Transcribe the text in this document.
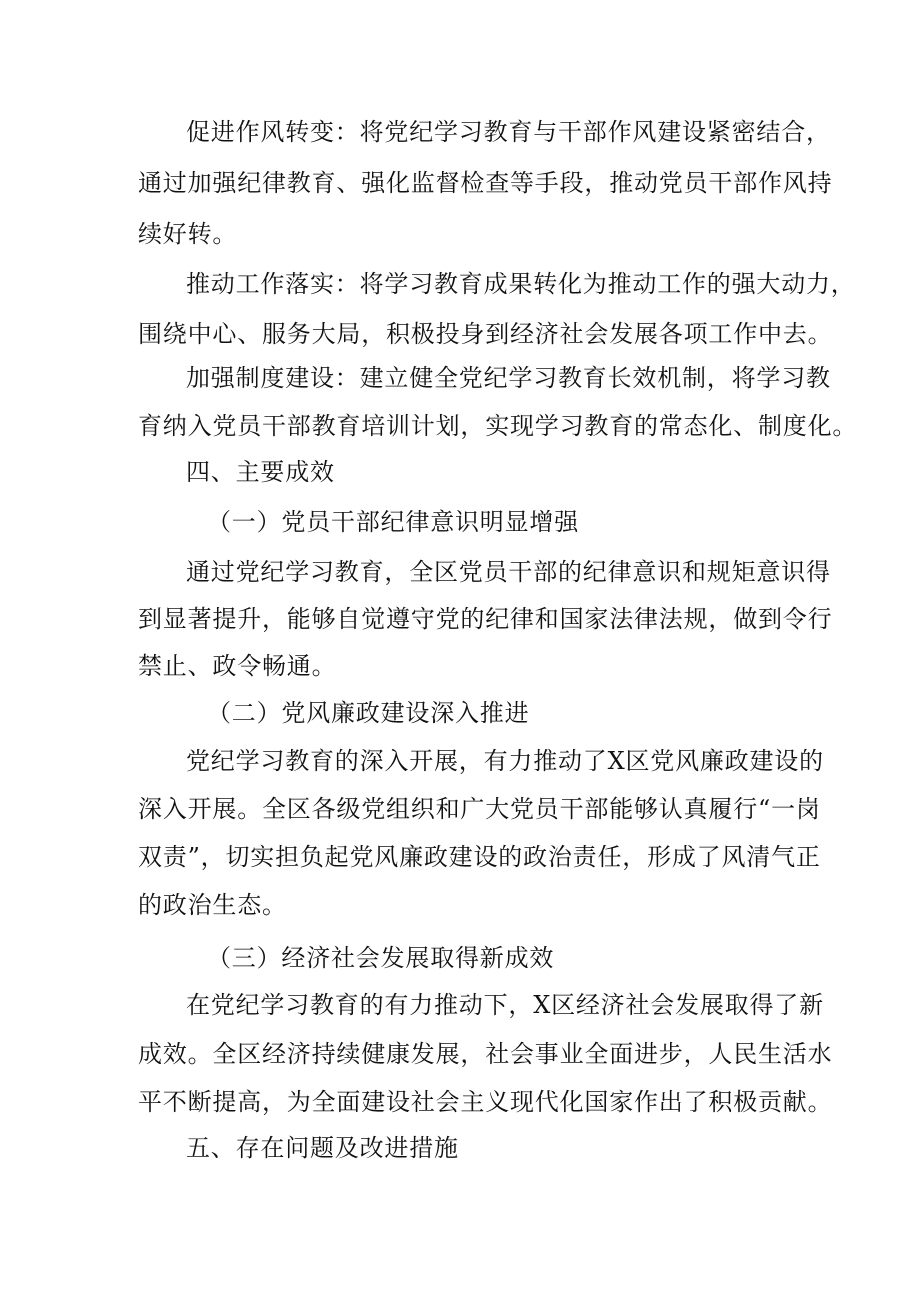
促进作风转变：将党纪学习教育与干部作风建设紧密结合，
通过加强纪律教育、强化监督检查等手段，推动党员干部作风持
续好转。
推动工作落实：将学习教育成果转化为推动工作的强大动力，
围绕中心、服务大局，积极投身到经济社会发展各项工作中去。
加强制度建设：建立健全党纪学习教育长效机制，将学习教
育纳入党员干部教育培训计划，实现学习教育的常态化、制度化。
四、主要成效
（一）党员干部纪律意识明显增强
通过党纪学习教育，全区党员干部的纪律意识和规矩意识得
到显著提升，能够自觉遵守党的纪律和国家法律法规，做到令行
禁止、政令畅通。
（二）党风廉政建设深入推进
党纪学习教育的深入开展，有力推动了X区党风廉政建设的
深入开展。全区各级党组织和广大党员干部能够认真履行“一岗
双责”，切实担负起党风廉政建设的政治责任，形成了风清气正
的政治生态。
（三）经济社会发展取得新成效
在党纪学习教育的有力推动下，X区经济社会发展取得了新
成效。全区经济持续健康发展，社会事业全面进步，人民生活水
平不断提高，为全面建设社会主义现代化国家作出了积极贡献。
五、存在问题及改进措施
